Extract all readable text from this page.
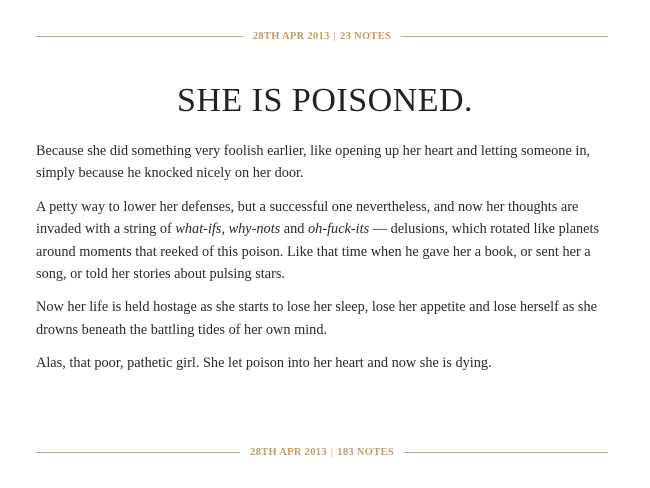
28TH APR 2013 | 23 NOTES
SHE IS POISONED.

Because she did something very foolish earlier, like opening up her heart and letting someone in, simply because he knocked nicely on her door.

A petty way to lower her defenses, but a successful one nevertheless, and now her thoughts are invaded with a string of what-ifs, why-nots and oh-fuck-its — delusions, which rotated like planets around moments that reeked of this poison. Like that time when he gave her a book, or sent her a song, or told her stories about pulsing stars.

Now her life is held hostage as she starts to lose her sleep, lose her appetite and lose herself as she drowns beneath the battling tides of her own mind.

Alas, that poor, pathetic girl. She let poison into her heart and now she is dying.

28TH APR 2013 | 183 NOTES
